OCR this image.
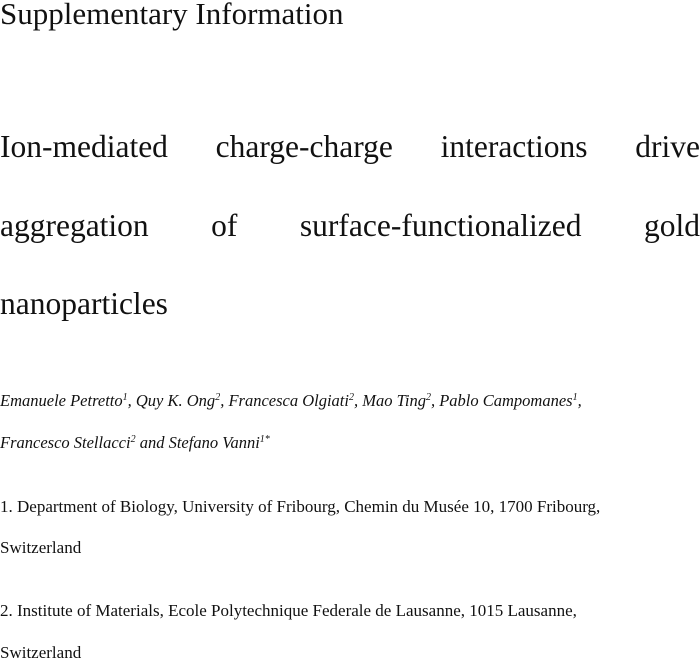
Supplementary Information
Ion-mediated charge-charge interactions drive
aggregation of surface-functionalized gold
nanoparticles
Emanuele Petretto$^1$, Quy K. Ong$^2$, Francesca Olgiati$^2$, Mao Ting$^2$, Pablo Campomanes$^1$,
Francesco Stellacci$^2$ and Stefano Vanni$^{1*}$
1. Department of Biology, University of Fribourg, Chemin du Musée 10, 1700 Fribourg,
Switzerland
2. Institute of Materials, Ecole Polytechnique Federale de Lausanne, 1015 Lausanne,
Switzerland
